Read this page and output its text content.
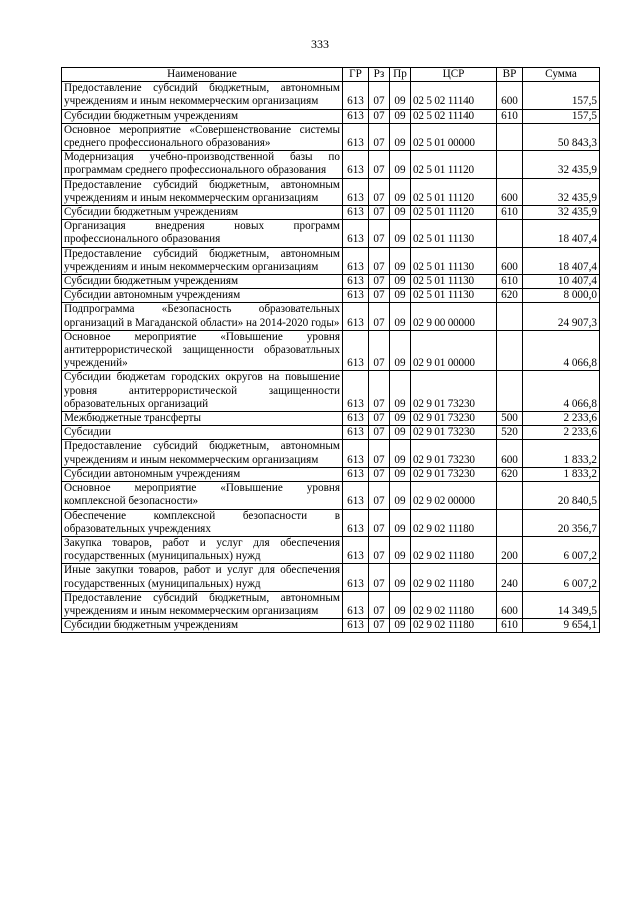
333
Наименование	ГР	Рз	Пр	ЦСР	ВР	Сумма
Предоставление субсидий бюджетным, автономным учреждениям и иным некоммерческим организациям	613	07	09	02 5 02 11140	600	157,5
Субсидии бюджетным учреждениям	613	07	09	02 5 02 11140	610	157,5
Основное мероприятие «Совершенствование системы среднего профессионального образования»	613	07	09	02 5 01 00000		50 843,3
Модернизация учебно-производственной базы по программам среднего профессионального образования	613	07	09	02 5 01 11120		32 435,9
Предоставление субсидий бюджетным, автономным учреждениям и иным некоммерческим организациям	613	07	09	02 5 01 11120	600	32 435,9
Субсидии бюджетным учреждениям	613	07	09	02 5 01 11120	610	32 435,9
Организация внедрения новых программ профессионального образования	613	07	09	02 5 01 11130		18 407,4
Предоставление субсидий бюджетным, автономным учреждениям и иным некоммерческим организациям	613	07	09	02 5 01 11130	600	18 407,4
Субсидии бюджетным учреждениям	613	07	09	02 5 01 11130	610	10 407,4
Субсидии автономным учреждениям	613	07	09	02 5 01 11130	620	8 000,0
Подпрограмма «Безопасность образовательных организаций в Магаданской области» на 2014-2020 годы»	613	07	09	02 9 00 00000		24 907,3
Основное мероприятие «Повышение уровня антитеррористической защищенности образоватльных учреждений»	613	07	09	02 9 01 00000		4 066,8
Субсидии бюджетам городских округов на повышение уровня антитеррористической защищенности образовательных организаций	613	07	09	02 9 01 73230		4 066,8
Межбюджетные трансферты	613	07	09	02 9 01 73230	500	2 233,6
Субсидии	613	07	09	02 9 01 73230	520	2 233,6
Предоставление субсидий бюджетным, автономным учреждениям и иным некоммерческим организациям	613	07	09	02 9 01 73230	600	1 833,2
Субсидии автономным учреждениям	613	07	09	02 9 01 73230	620	1 833,2
Основное мероприятие «Повышение уровня комплексной безопасности»	613	07	09	02 9 02 00000		20 840,5
Обеспечение комплексной безопасности в образовательных учреждениях	613	07	09	02 9 02 11180		20 356,7
Закупка товаров, работ и услуг для обеспечения государственных (муниципальных) нужд	613	07	09	02 9 02 11180	200	6 007,2
Иные закупки товаров, работ и услуг для обеспечения государственных (муниципальных) нужд	613	07	09	02 9 02 11180	240	6 007,2
Предоставление субсидий бюджетным, автономным учреждениям и иным некоммерческим организациям	613	07	09	02 9 02 11180	600	14 349,5
Субсидии бюджетным учреждениям	613	07	09	02 9 02 11180	610	9 654,1
